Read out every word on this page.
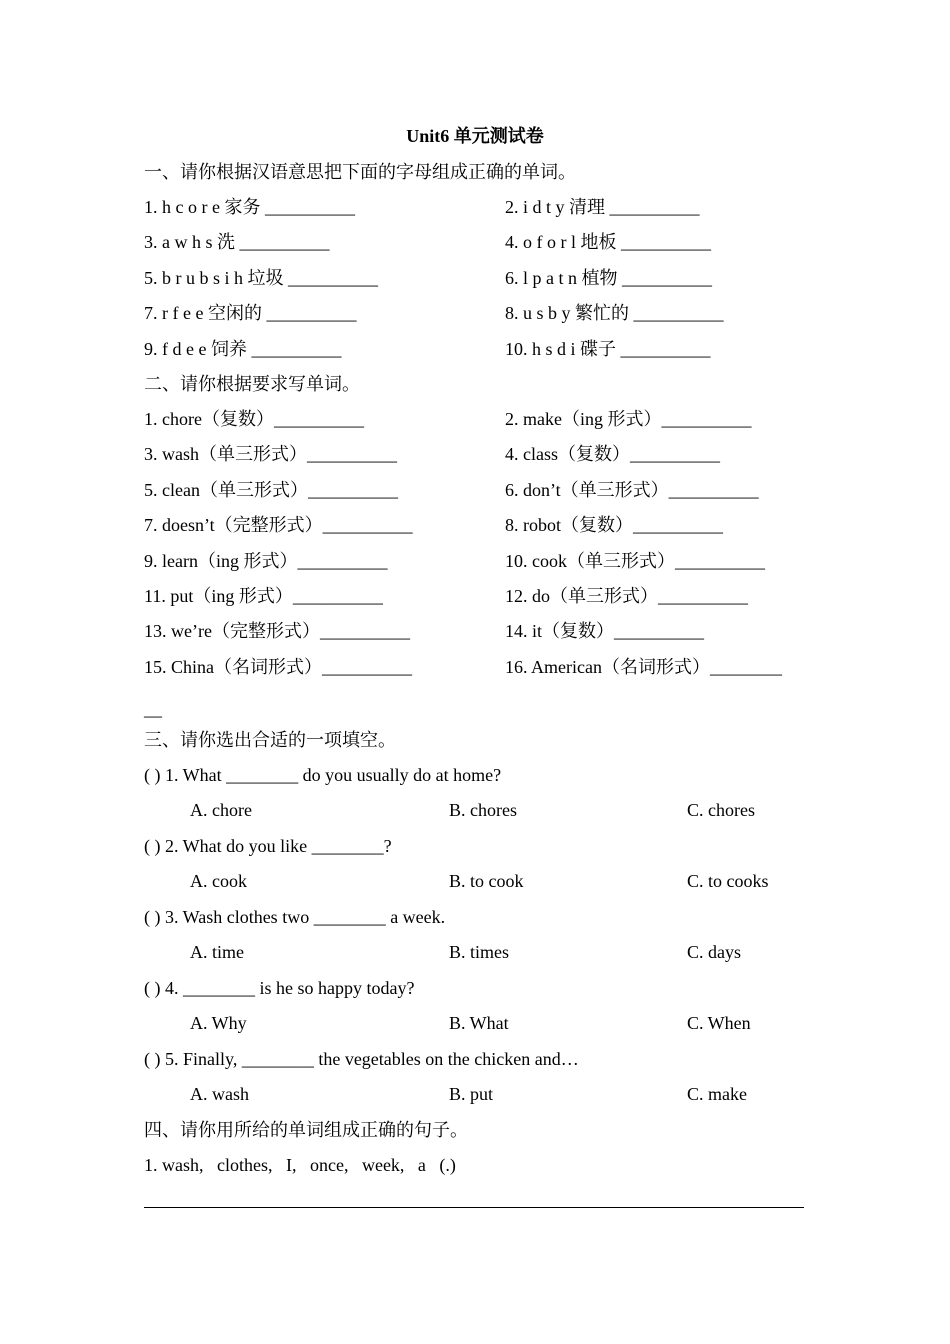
Unit6 单元测试卷
一、请你根据汉语意思把下面的字母组成正确的单词。
1. h c o r e 家务 __________	2. i d t y 清理 __________
3. a w h s 洗 __________	4. o f o r l 地板 __________
5. b r u b s i h 垃圾 __________	6. l p a t n 植物 __________
7. r f e e 空闲的 __________	8. u s b y 繁忙的 __________
9. f d e e 饲养 __________	10. h s d i 碟子 __________
二、请你根据要求写单词。
1. chore（复数）__________	2. make（ing 形式）__________
3. wash（单三形式）__________	4. class（复数）__________
5. clean（单三形式）__________	6. don’t（单三形式）__________
7. doesn’t（完整形式）__________	8. robot（复数）__________
9. learn（ing 形式）__________	10. cook（单三形式）__________
11. put（ing 形式）__________	12. do（单三形式）__________
13. we’re（完整形式）__________	14. it（复数）__________
15. China（名词形式）__________	16. American（名词形式）________
__
三、请你选出合适的一项填空。
( ) 1. What ________ do you usually do at home?
A. chore	B. chores	C. chores
( ) 2. What do you like ________?
A. cook	B. to cook	C. to cooks
( ) 3. Wash clothes two ________ a week.
A. time	B. times	C. days
( ) 4. ________ is he so happy today?
A. Why	B. What	C. When
( ) 5. Finally, ________ the vegetables on the chicken and…
A. wash	B. put	C. make
四、请你用所给的单词组成正确的句子。
1. wash,   clothes,   I,   once,   week,   a   (.)
